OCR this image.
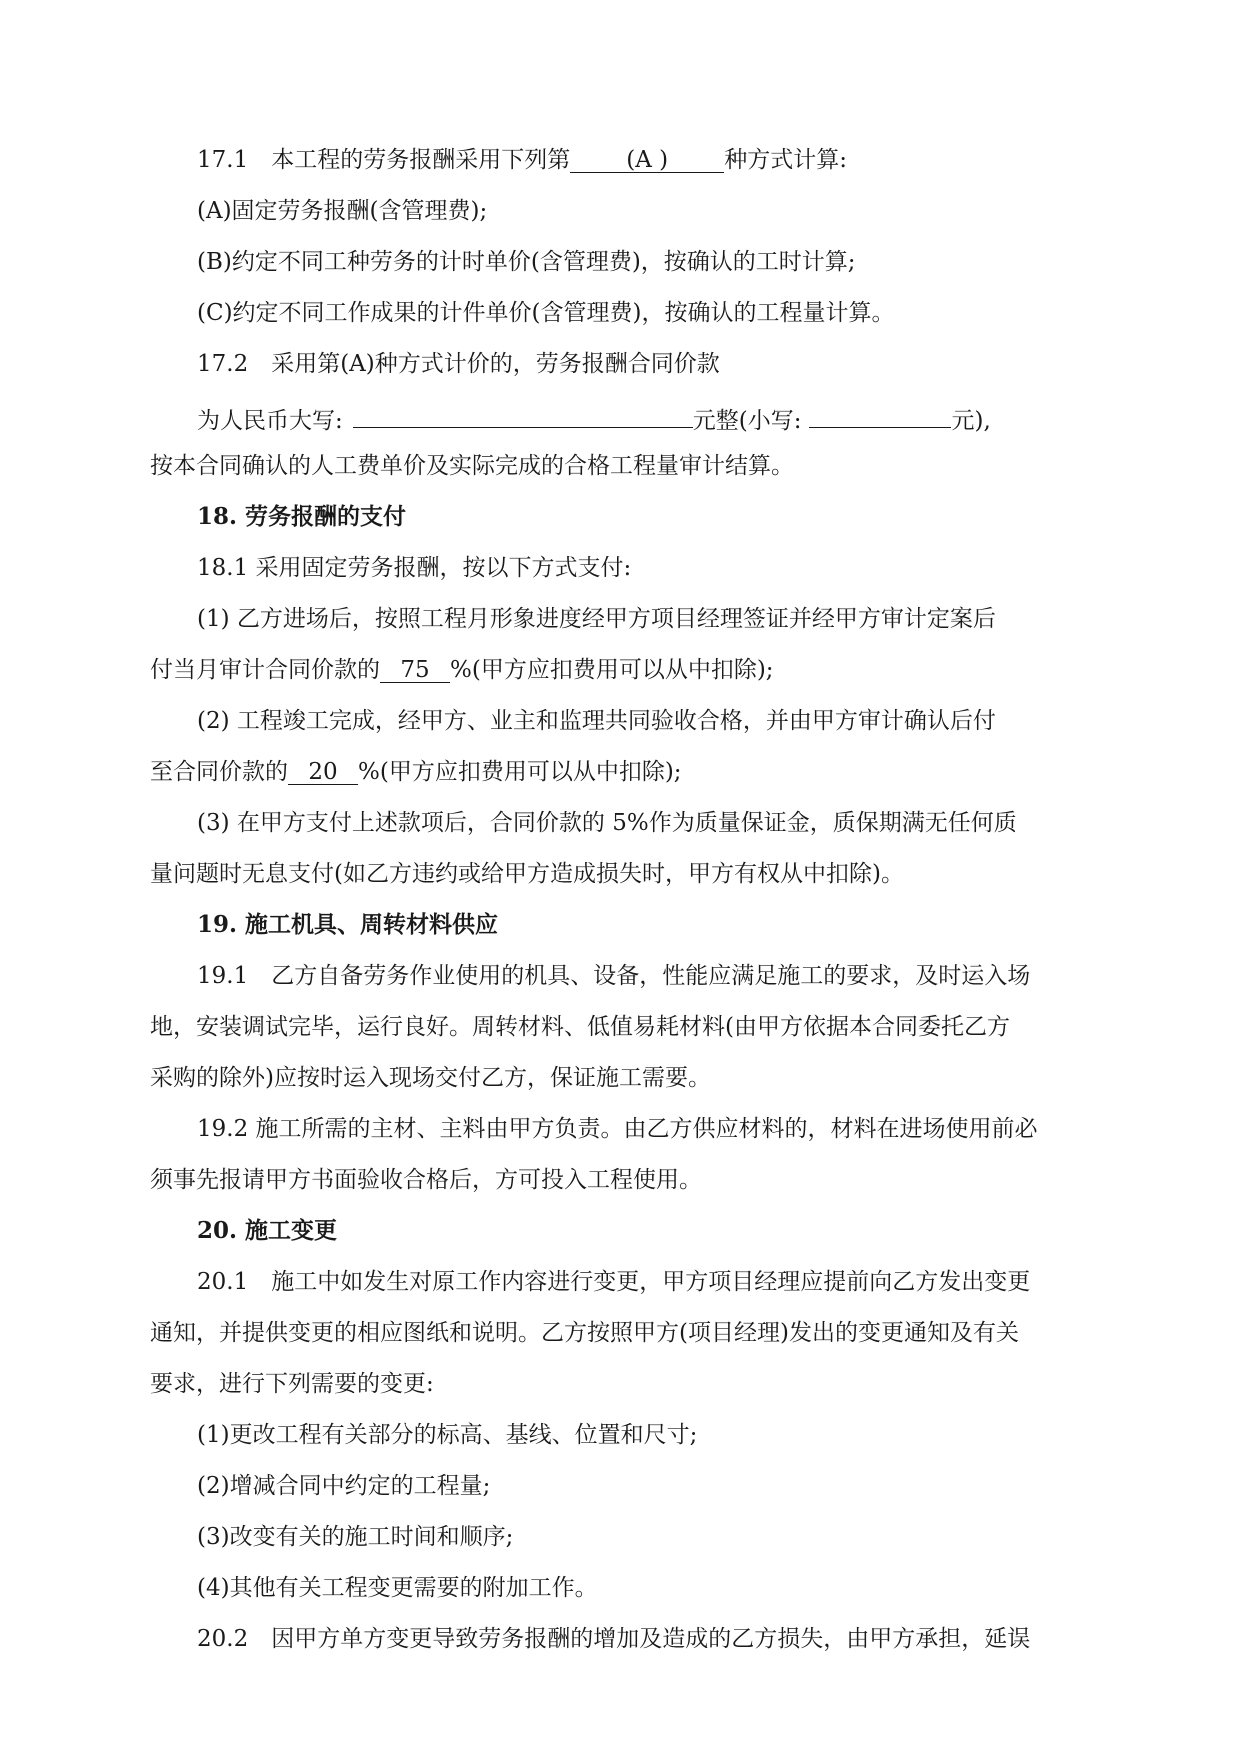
17.1　本工程的劳务报酬采用下列第 (A ) 种方式计算:
(A)固定劳务报酬(含管理费);
(B)约定不同工种劳务的计时单价(含管理费)，按确认的工时计算;
(C)约定不同工作成果的计件单价(含管理费)，按确认的工程量计算。
17.2　采用第(A)种方式计价的，劳务报酬合同价款
为人民币大写:	元整(小写:	元),
按本合同确认的人工费单价及实际完成的合格工程量审计结算。
18. 劳务报酬的支付
18.1 采用固定劳务报酬，按以下方式支付:
(1) 乙方进场后，按照工程月形象进度经甲方项目经理签证并经甲方审计定案后
付当月审计合同价款的 75 %(甲方应扣费用可以从中扣除);
(2) 工程竣工完成，经甲方、业主和监理共同验收合格，并由甲方审计确认后付
至合同价款的 20 %(甲方应扣费用可以从中扣除);
(3) 在甲方支付上述款项后，合同价款的 5%作为质量保证金，质保期满无任何质
量问题时无息支付(如乙方违约或给甲方造成损失时，甲方有权从中扣除)。
19. 施工机具、周转材料供应
19.1　乙方自备劳务作业使用的机具、设备，性能应满足施工的要求，及时运入场
地，安装调试完毕，运行良好。周转材料、低值易耗材料(由甲方依据本合同委托乙方
采购的除外)应按时运入现场交付乙方，保证施工需要。
19.2 施工所需的主材、主料由甲方负责。由乙方供应材料的，材料在进场使用前必
须事先报请甲方书面验收合格后，方可投入工程使用。
20. 施工变更
20.1　施工中如发生对原工作内容进行变更，甲方项目经理应提前向乙方发出变更
通知，并提供变更的相应图纸和说明。乙方按照甲方(项目经理)发出的变更通知及有关
要求，进行下列需要的变更:
(1)更改工程有关部分的标高、基线、位置和尺寸;
(2)增减合同中约定的工程量;
(3)改变有关的施工时间和顺序;
(4)其他有关工程变更需要的附加工作。
20.2　因甲方单方变更导致劳务报酬的增加及造成的乙方损失，由甲方承担，延误
